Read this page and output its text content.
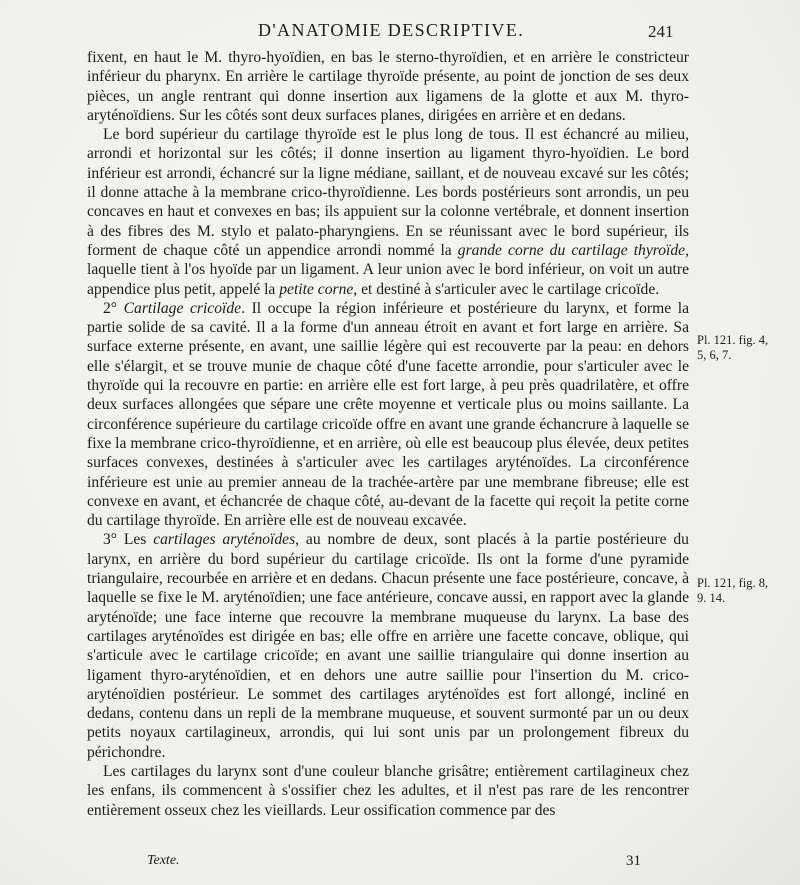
D'ANATOMIE DESCRIPTIVE.	241

fixent, en haut le M. thyro-hyoïdien, en bas le sterno-thyroïdien, et en arrière le constricteur inférieur du pharynx. En arrière le cartilage thyroïde présente, au point de jonction de ses deux pièces, un angle rentrant qui donne insertion aux ligamens de la glotte et aux M. thyro-aryténoïdiens. Sur les côtés sont deux surfaces planes, dirigées en arrière et en dedans.

Le bord supérieur du cartilage thyroïde est le plus long de tous. Il est échancré au milieu, arrondi et horizontal sur les côtés; il donne insertion au ligament thyro-hyoïdien. Le bord inférieur est arrondi, échancré sur la ligne médiane, saillant, et de nouveau excavé sur les côtés; il donne attache à la membrane crico-thyroïdienne. Les bords postérieurs sont arrondis, un peu concaves en haut et convexes en bas; ils appuient sur la colonne vertébrale, et donnent insertion à des fibres des M. stylo et palato-pharyngiens. En se réunissant avec le bord supérieur, ils forment de chaque côté un appendice arrondi nommé la grande corne du cartilage thyroïde, laquelle tient à l'os hyoïde par un ligament. A leur union avec le bord inférieur, on voit un autre appendice plus petit, appelé la petite corne, et destiné à s'articuler avec le cartilage cricoïde.

2° Cartilage cricoïde. Il occupe la région inférieure et postérieure du larynx, et forme la partie solide de sa cavité. Il a la forme d'un anneau étroit en avant et fort large en arrière. Sa surface externe présente, en avant, une saillie légère qui est recouverte par la peau: en dehors elle s'élargit, et se trouve munie de chaque côté d'une facette arrondie, pour s'articuler avec le thyroïde qui la recouvre en partie: en arrière elle est fort large, à peu près quadrilatère, et offre deux surfaces allongées que sépare une crête moyenne et verticale plus ou moins saillante. La circonférence supérieure du cartilage cricoïde offre en avant une grande échancrure à laquelle se fixe la membrane crico-thyroïdienne, et en arrière, où elle est beaucoup plus élevée, deux petites surfaces convexes, destinées à s'articuler avec les cartilages aryténoïdes. La circonférence inférieure est unie au premier anneau de la trachée-artère par une membrane fibreuse; elle est convexe en avant, et échancrée de chaque côté, au-devant de la facette qui reçoit la petite corne du cartilage thyroïde. En arrière elle est de nouveau excavée.

3° Les cartilages aryténoïdes, au nombre de deux, sont placés à la partie postérieure du larynx, en arrière du bord supérieur du cartilage cricoïde. Ils ont la forme d'une pyramide triangulaire, recourbée en arrière et en dedans. Chacun présente une face postérieure, concave, à laquelle se fixe le M. aryténoïdien; une face antérieure, concave aussi, en rapport avec la glande aryténoïde; une face interne que recouvre la membrane muqueuse du larynx. La base des cartilages aryténoïdes est dirigée en bas; elle offre en arrière une facette concave, oblique, qui s'articule avec le cartilage cricoïde; en avant une saillie triangulaire qui donne insertion au ligament thyro-aryténoïdien, et en dehors une autre saillie pour l'insertion du M. crico-aryténoïdien postérieur. Le sommet des cartilages aryténoïdes est fort allongé, incliné en dedans, contenu dans un repli de la membrane muqueuse, et souvent surmonté par un ou deux petits noyaux cartilagineux, arrondis, qui lui sont unis par un prolongement fibreux du périchondre.

Les cartilages du larynx sont d'une couleur blanche grisâtre; entièrement cartilagineux chez les enfans, ils commencent à s'ossifier chez les adultes, et il n'est pas rare de les rencontrer entièrement osseux chez les vieillards. Leur ossification commence par des

Pl. 121. fig. 4,
5, 6, 7.
Pl. 121, fig. 8,
9. 14.
Texte.	31
